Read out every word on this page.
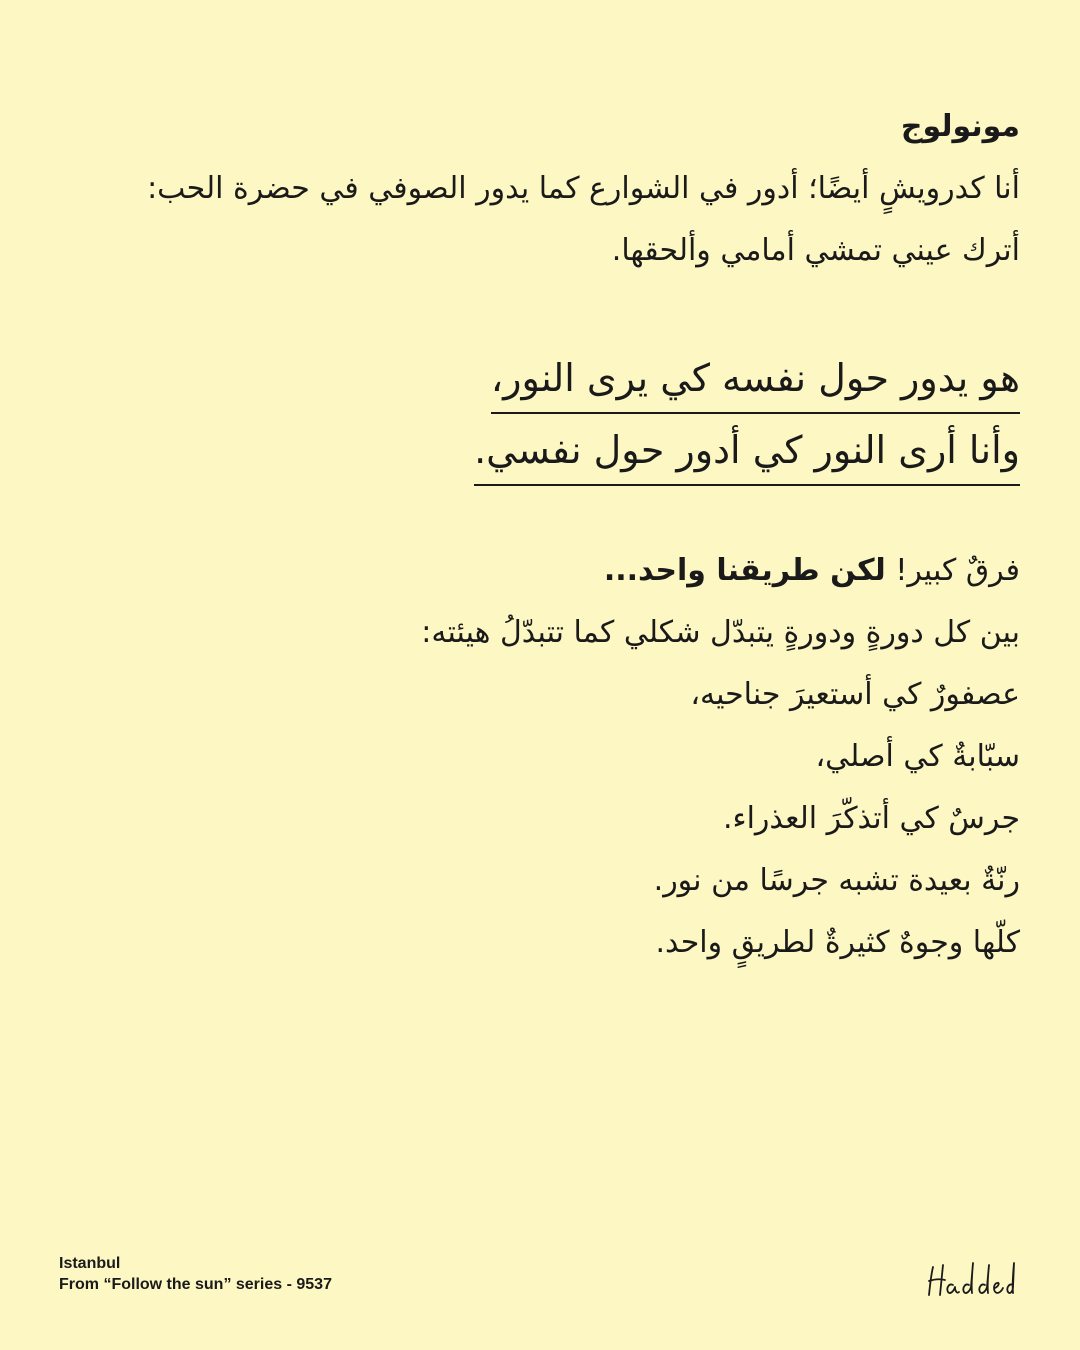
مونولوج
أنا كدرويشٍ أيضًا؛ أدور في الشوارع كما يدور الصوفي في حضرة الحب:
أترك عيني تمشي أمامي وألحقها.
هو يدور حول نفسه كي يرى النور،
وأنا أرى النور كي أدور حول نفسي.
فرقٌ كبير! لكن طريقنا واحد...
بين كل دورةٍ ودورةٍ يتبدّل شكلي كما تتبدّلُ هيئته:
عصفورٌ كي أستعيرَ جناحيه،
سبّابةٌ كي أصلي،
جرسٌ كي أتذكّرَ العذراء.
رنّةٌ بعيدة تشبه جرسًا من نور.
كلّها وجوهٌ كثيرةٌ لطريقٍ واحد.
Istanbul
From “Follow the sun” series - 9537
